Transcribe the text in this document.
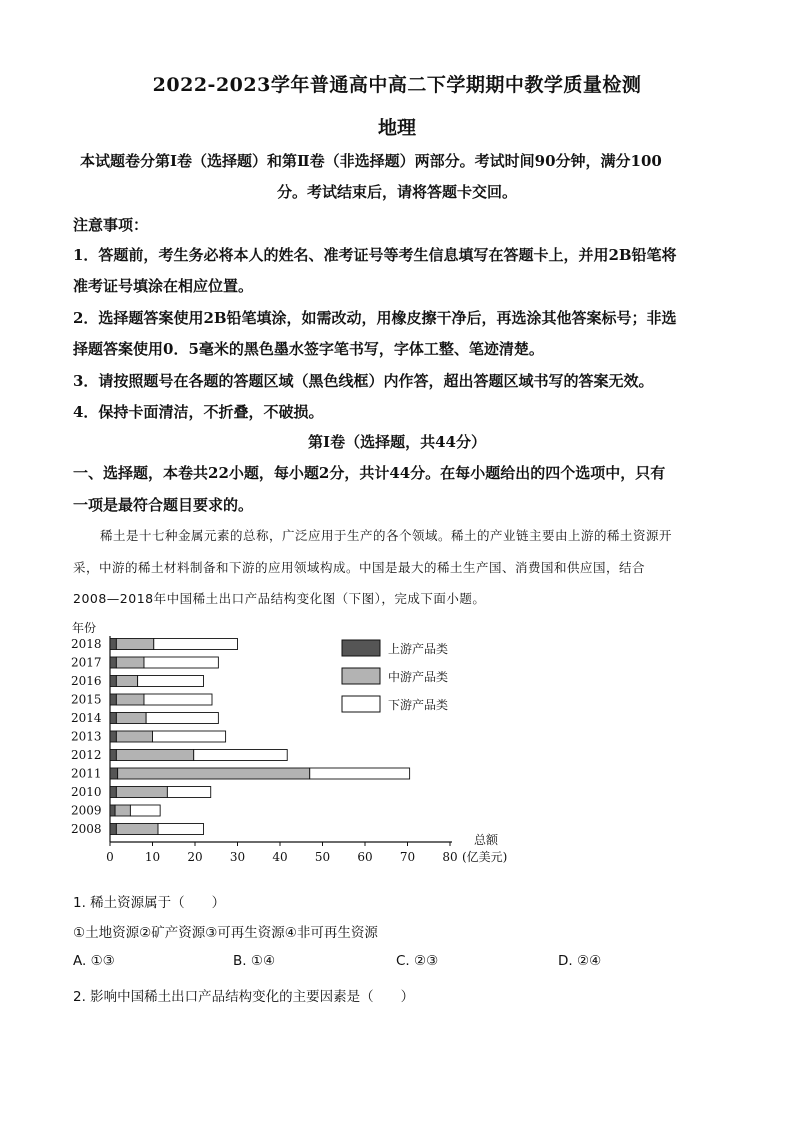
2022-2023学年普通高中高二下学期期中教学质量检测
地理
本试题卷分第Ⅰ卷（选择题）和第Ⅱ卷（非选择题）两部分。考试时间90分钟，满分100
分。考试结束后，请将答题卡交回。
注意事项：
1．答题前，考生务必将本人的姓名、准考证号等考生信息填写在答题卡上，并用2B铅笔将
准考证号填涂在相应位置。
2．选择题答案使用2B铅笔填涂，如需改动，用橡皮擦干净后，再选涂其他答案标号；非选
择题答案使用0．5毫米的黑色墨水签字笔书写，字体工整、笔迹清楚。
3．请按照题号在各题的答题区域（黑色线框）内作答，超出答题区域书写的答案无效。
4．保持卡面清洁，不折叠，不破损。
第Ⅰ卷（选择题，共44分）
一、选择题，本卷共22小题，每小题2分，共计44分。在每小题给出的四个选项中，只有
一项是最符合题目要求的。
稀土是十七种金属元素的总称，广泛应用于生产的各个领域。稀土的产业链主要由上游的稀土资源开
采，中游的稀土材料制备和下游的应用领域构成。中国是最大的稀土生产国、消费国和供应国，结合
2008—2018年中国稀土出口产品结构变化图（下图），完成下面小题。
年份
2018
2017
2016
2015
2014
2013
2012
2011
2010
2009
2008
0	10 20 30 40 50 60 70 80
总额
(亿美元)
上游产品类
中游产品类
下游产品类
1. 稀土资源属于（　　）
①土地资源②矿产资源③可再生资源④非可再生资源
A. ①③	B. ①④	C. ②③	D. ②④
2. 影响中国稀土出口产品结构变化的主要因素是（　　）
